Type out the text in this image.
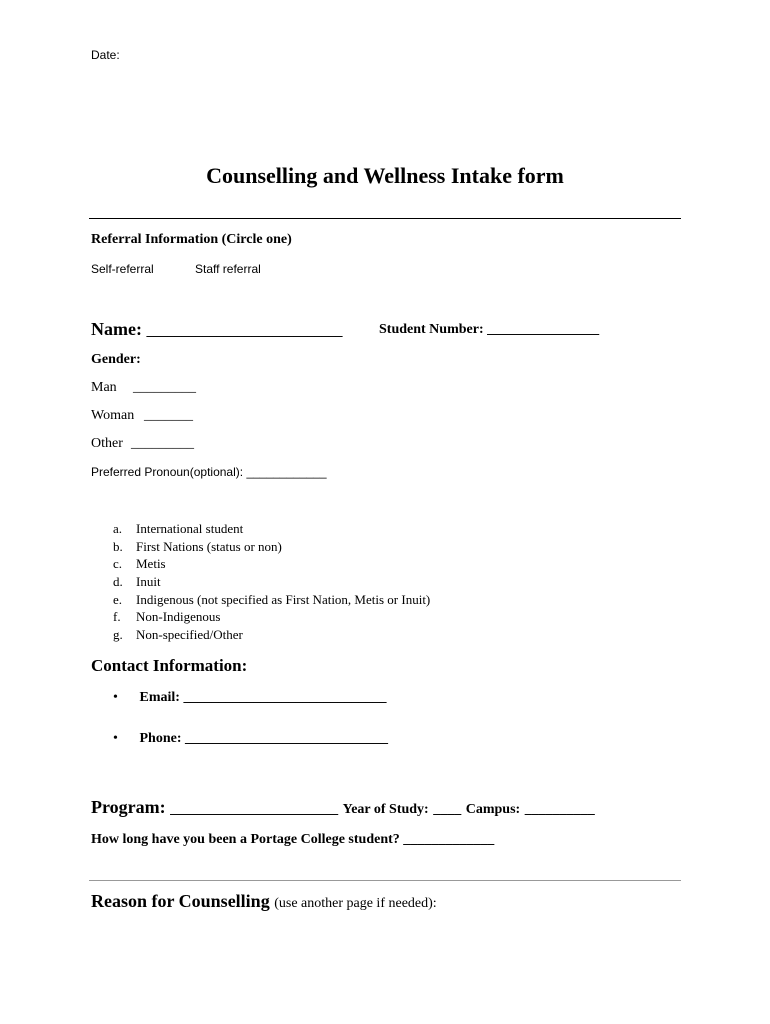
Date:
Counselling and Wellness Intake form
Referral Information (Circle one)
Self-referral	Staff referral
Name: ____________________________	Student Number: ________________
Gender:
Man _________
Woman _______
Other _________
Preferred Pronoun(optional): ____________
a.	International student
b.	First Nations (status or non)
c.	Metis
d.	Inuit
e.	Indigenous (not specified as First Nation, Metis or Inuit)
f.	Non-Indigenous
g.	Non-specified/Other
Contact Information:
• Email: _____________________________
• Phone: _____________________________
Program: ________________________ Year of Study: ____ Campus: __________
How long have you been a Portage College student? _____________
Reason for Counselling (use another page if needed):
